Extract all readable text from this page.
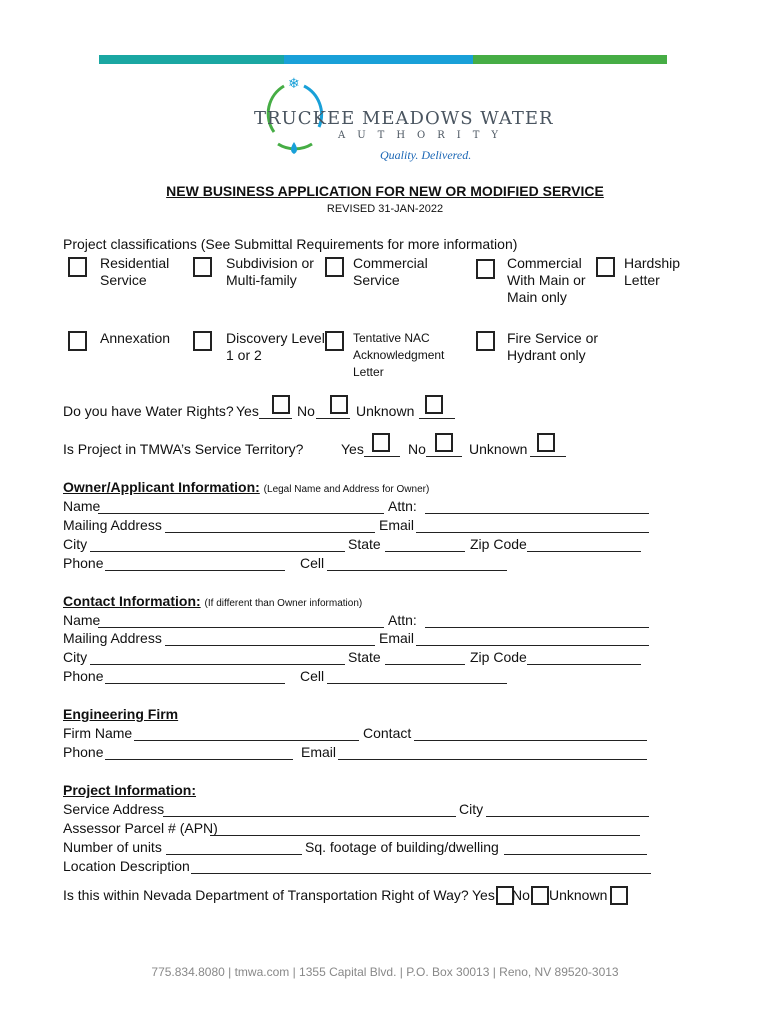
❄
TRUCKEE MEADOWS WATER
AUTHORITY
Quality. Delivered.
NEW BUSINESS APPLICATION FOR NEW OR MODIFIED SERVICE
REVISED 31-JAN-2022
Project classifications (See Submittal Requirements for more information)
Residential
Service
Subdivision or
Multi-family
Commercial
Service
Commercial
With Main or
Main only
Hardship
Letter
Annexation	Discovery Level
1 or 2
Tentative NAC
Acknowledgment
Letter
Fire Service or
Hydrant only
Do you have Water Rights? Yes	No	Unknown
Is Project in TMWA’s Service Territory?	Yes	No	Unknown
Owner/Applicant Information: (Legal Name and Address for Owner)
Name	Attn:
Mailing Address	Email
City	State	Zip Code
Phone	Cell
Contact Information: (If different than Owner information)
Name	Attn:
Mailing Address	Email
City	State	Zip Code
Phone	Cell
Engineering Firm
Firm Name	Contact
Phone	Email
Project Information:
Service Address	City
Assessor Parcel # (APN)
Number of units	Sq. footage of building/dwelling
Location Description
Is this within Nevada Department of Transportation Right of Way? Yes No Unknown
775.834.8080 | tmwa.com | 1355 Capital Blvd. | P.O. Box 30013 | Reno, NV 89520-3013
